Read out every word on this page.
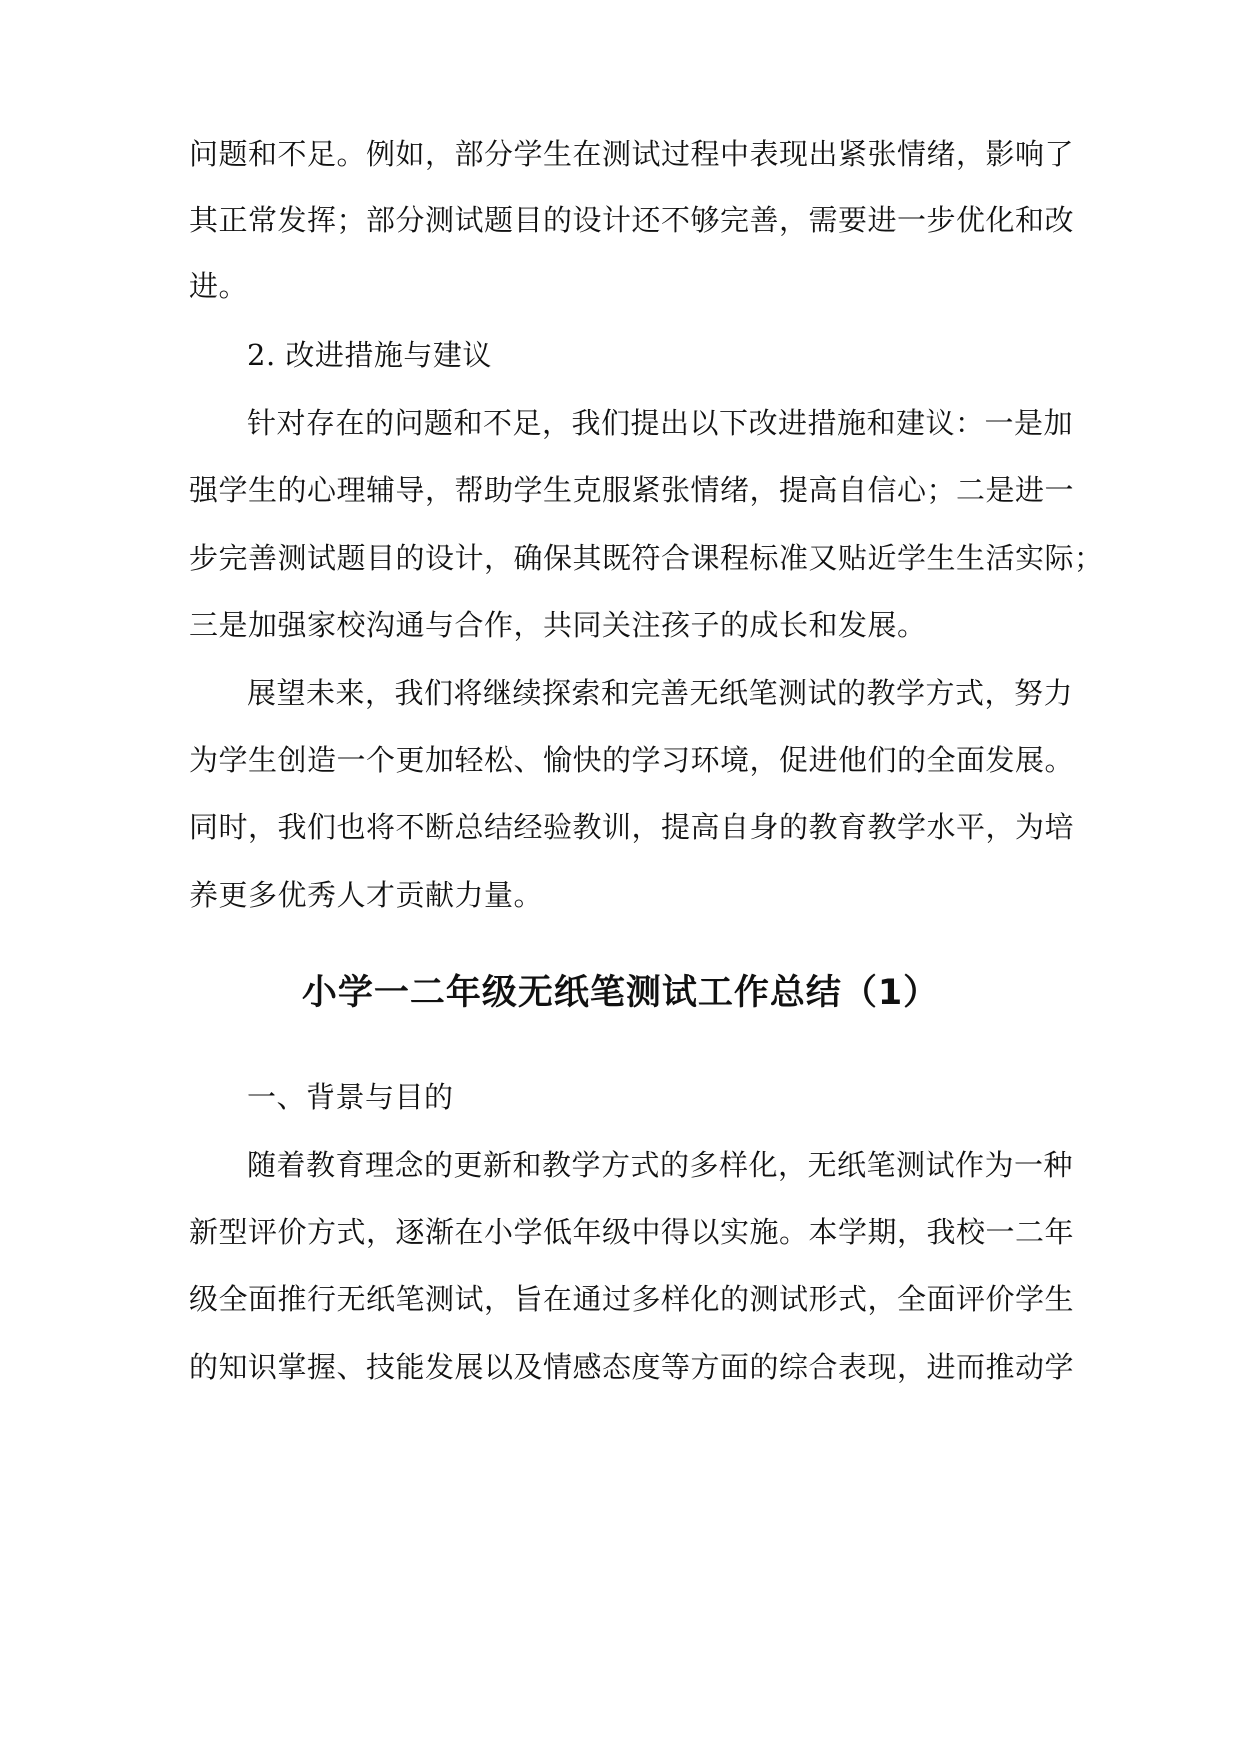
问题和不足。例如，部分学生在测试过程中表现出紧张情绪，影响了
其正常发挥；部分测试题目的设计还不够完善，需要进一步优化和改
进。
2. 改进措施与建议
针对存在的问题和不足，我们提出以下改进措施和建议：一是加
强学生的心理辅导，帮助学生克服紧张情绪，提高自信心；二是进一
步完善测试题目的设计，确保其既符合课程标准又贴近学生生活实际；
三是加强家校沟通与合作，共同关注孩子的成长和发展。
展望未来，我们将继续探索和完善无纸笔测试的教学方式，努力
为学生创造一个更加轻松、愉快的学习环境，促进他们的全面发展。
同时，我们也将不断总结经验教训，提高自身的教育教学水平，为培
养更多优秀人才贡献力量。
小学一二年级无纸笔测试工作总结（1）
一、背景与目的
随着教育理念的更新和教学方式的多样化，无纸笔测试作为一种
新型评价方式，逐渐在小学低年级中得以实施。本学期，我校一二年
级全面推行无纸笔测试，旨在通过多样化的测试形式，全面评价学生
的知识掌握、技能发展以及情感态度等方面的综合表现，进而推动学
